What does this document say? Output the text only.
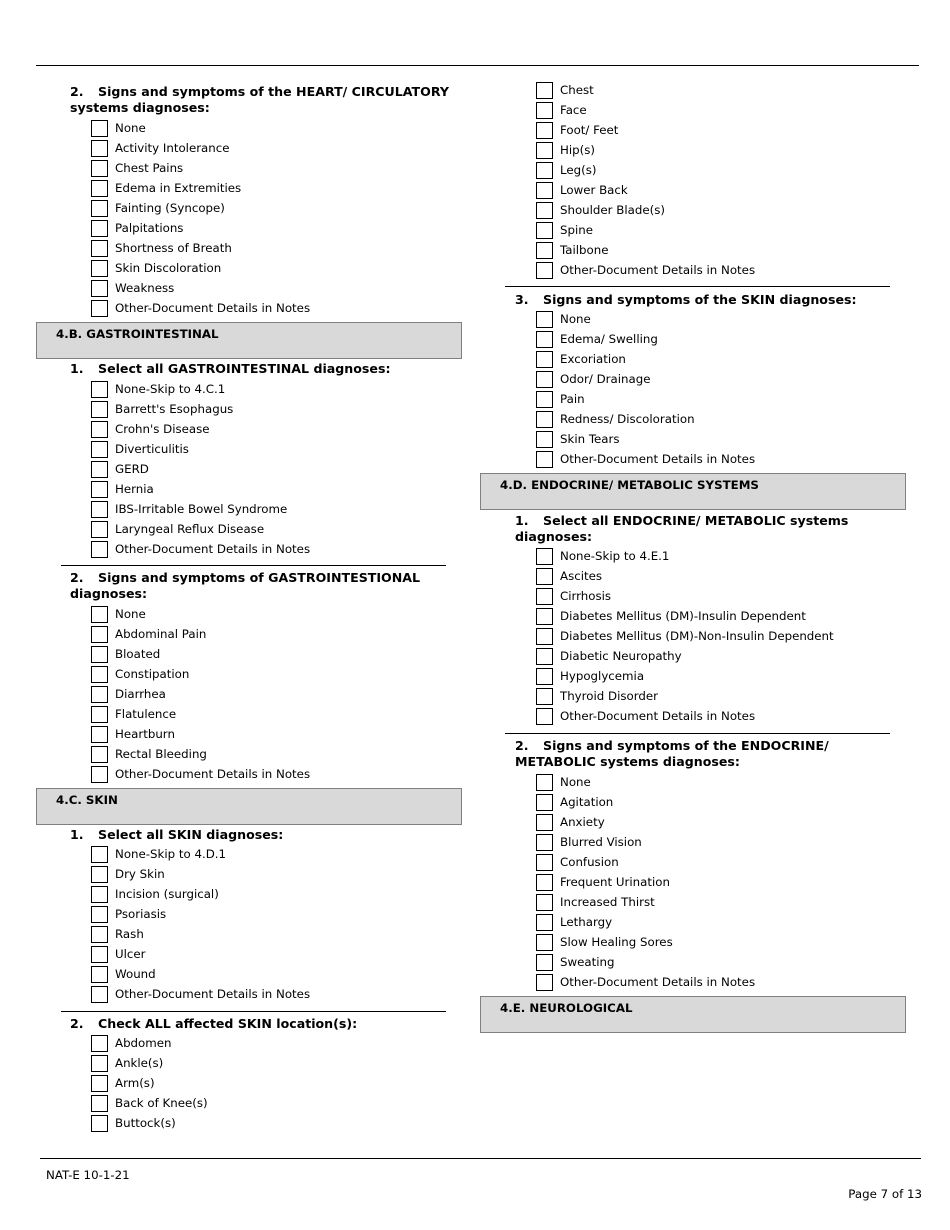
2. Signs and symptoms of the HEART/ CIRCULATORY
systems diagnoses:
4.B. GASTROINTESTINAL
1. Select all GASTROINTESTINAL diagnoses:
2. Signs and symptoms of GASTROINTESTIONAL
diagnoses:
4.C. SKIN
1. Select all SKIN diagnoses:
2. Check ALL affected SKIN location(s):
3. Signs and symptoms of the SKIN diagnoses:
4.D. ENDOCRINE/ METABOLIC SYSTEMS
1. Select all ENDOCRINE/ METABOLIC systems
diagnoses:
2. Signs and symptoms of the ENDOCRINE/
METABOLIC systems diagnoses:
4.E. NEUROLOGICAL
NAT-E 10-1-21
Page 7 of 13
None
Activity Intolerance
Chest Pains
Edema in Extremities
Fainting (Syncope)
Palpitations
Shortness of Breath
Skin Discoloration
Weakness
Other-Document Details in Notes
None-Skip to 4.C.1
Barrett's Esophagus
Crohn's Disease
Diverticulitis
GERD
Hernia
IBS-Irritable Bowel Syndrome
Laryngeal Reflux Disease
Other-Document Details in Notes
None
Abdominal Pain
Bloated
Constipation
Diarrhea
Flatulence
Heartburn
Rectal Bleeding
Other-Document Details in Notes
None-Skip to 4.D.1
Dry Skin
Incision (surgical)
Psoriasis
Rash
Ulcer
Wound
Other-Document Details in Notes
Abdomen
Ankle(s)
Arm(s)
Back of Knee(s)
Buttock(s)
Chest
Face
Foot/ Feet
Hip(s)
Leg(s)
Lower Back
Shoulder Blade(s)
Spine
Tailbone
Other-Document Details in Notes
None
Edema/ Swelling
Excoriation
Odor/ Drainage
Pain
Redness/ Discoloration
Skin Tears
Other-Document Details in Notes
None-Skip to 4.E.1
Ascites
Cirrhosis
Diabetes Mellitus (DM)-Insulin Dependent
Diabetes Mellitus (DM)-Non-Insulin Dependent
Diabetic Neuropathy
Hypoglycemia
Thyroid Disorder
Other-Document Details in Notes
None
Agitation
Anxiety
Blurred Vision
Confusion
Frequent Urination
Increased Thirst
Lethargy
Slow Healing Sores
Sweating
Other-Document Details in Notes
